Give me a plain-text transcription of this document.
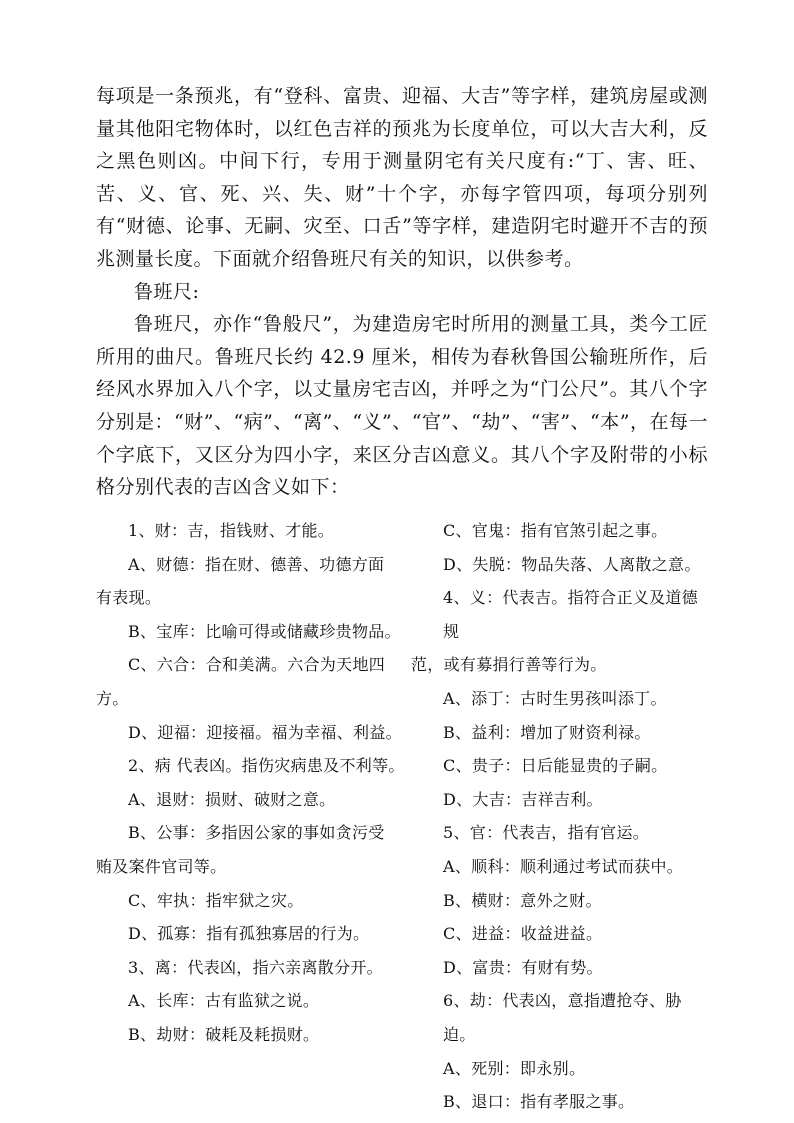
每项是一条预兆，有“登科、富贵、迎福、大吉”等字样，建筑房屋或测量其他阳宅物体时，以红色吉祥的预兆为长度单位，可以大吉大利，反之黑色则凶。中间下行，专用于测量阴宅有关尺度有:“丁、害、旺、苦、义、官、死、兴、失、财”十个字，亦每字管四项，每项分别列有“财德、论事、无嗣、灾至、口舌”等字样，建造阴宅时避开不吉的预兆测量长度。下面就介绍鲁班尺有关的知识，以供参考。

鲁班尺:

鲁班尺，亦作“鲁般尺”，为建造房宅时所用的测量工具，类今工匠所用的曲尺。鲁班尺长约 42.9 厘米，相传为春秋鲁国公输班所作，后经风水界加入八个字，以丈量房宅吉凶，并呼之为“门公尺”。其八个字分别是：“财”、“病”、“离”、“义”、“官”、“劫”、“害”、“本”，在每一个字底下，又区分为四小字，来区分吉凶意义。其八个字及附带的小标格分别代表的吉凶含义如下：

1、财：吉，指钱财、才能。

A、财德：指在财、德善、功德方面

有表现。

B、宝库：比喻可得或储藏珍贵物品。

C、六合：合和美满。六合为天地四

方。

D、迎福：迎接福。福为幸福、利益。

2、病 代表凶。指伤灾病患及不利等。

A、退财：损财、破财之意。

B、公事：多指因公家的事如贪污受

贿及案件官司等。

C、牢执：指牢狱之灾。

D、孤寡：指有孤独寡居的行为。

3、离：代表凶，指六亲离散分开。

A、长库：古有监狱之说。

B、劫财：破耗及耗损财。

C、官鬼：指有官煞引起之事。

D、失脱：物品失落、人离散之意。

4、义：代表吉。指符合正义及道德规

范，或有募捐行善等行为。

A、添丁：古时生男孩叫添丁。

B、益利：增加了财资利禄。

C、贵子：日后能显贵的子嗣。

D、大吉：吉祥吉利。

5、官：代表吉，指有官运。

A、顺科：顺利通过考试而获中。

B、横财：意外之财。

C、进益：收益进益。

D、富贵：有财有势。

6、劫：代表凶，意指遭抢夺、胁迫。

A、死别：即永别。

B、退口：指有孝服之事。
